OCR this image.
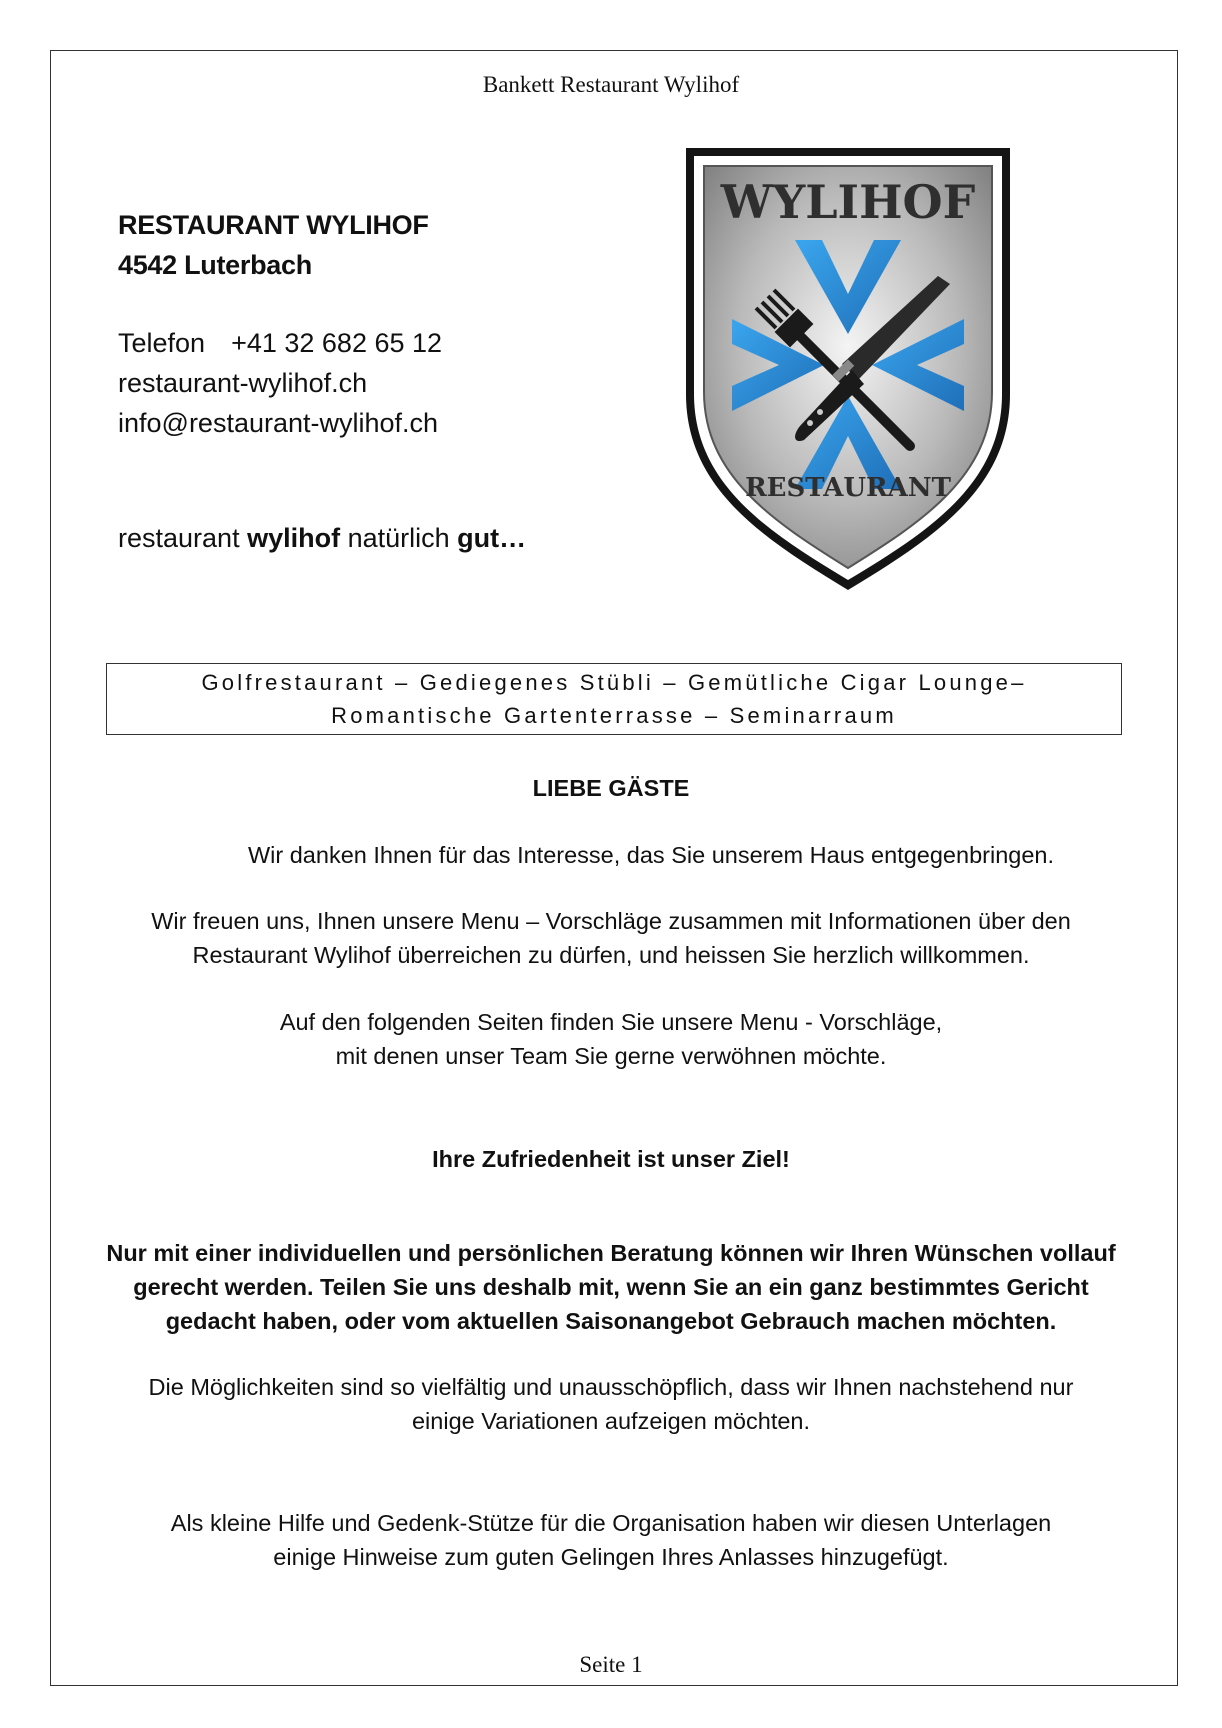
Bankett Restaurant Wylihof
RESTAURANT WYLIHOF
4542 Luterbach
Telefon +41 32 682 65 12
restaurant-wylihof.ch
info@restaurant-wylihof.ch
restaurant wylihof natürlich gut…
WYLIHOF
RESTAURANT
Golfrestaurant – Gediegenes Stübli – Gemütliche Cigar Lounge–
Romantische Gartenterrasse – Seminarraum
LIEBE GÄSTE
Wir danken Ihnen für das Interesse, das Sie unserem Haus entgegenbringen.
Wir freuen uns, Ihnen unsere Menu – Vorschläge zusammen mit Informationen über den
Restaurant Wylihof überreichen zu dürfen, und heissen Sie herzlich willkommen.
Auf den folgenden Seiten finden Sie unsere Menu - Vorschläge,
mit denen unser Team Sie gerne verwöhnen möchte.
Ihre Zufriedenheit ist unser Ziel!
Nur mit einer individuellen und persönlichen Beratung können wir Ihren Wünschen vollauf
gerecht werden. Teilen Sie uns deshalb mit, wenn Sie an ein ganz bestimmtes Gericht
gedacht haben, oder vom aktuellen Saisonangebot Gebrauch machen möchten.
Die Möglichkeiten sind so vielfältig und unausschöpflich, dass wir Ihnen nachstehend nur
einige Variationen aufzeigen möchten.
Als kleine Hilfe und Gedenk-Stütze für die Organisation haben wir diesen Unterlagen
einige Hinweise zum guten Gelingen Ihres Anlasses hinzugefügt.
Seite 1
